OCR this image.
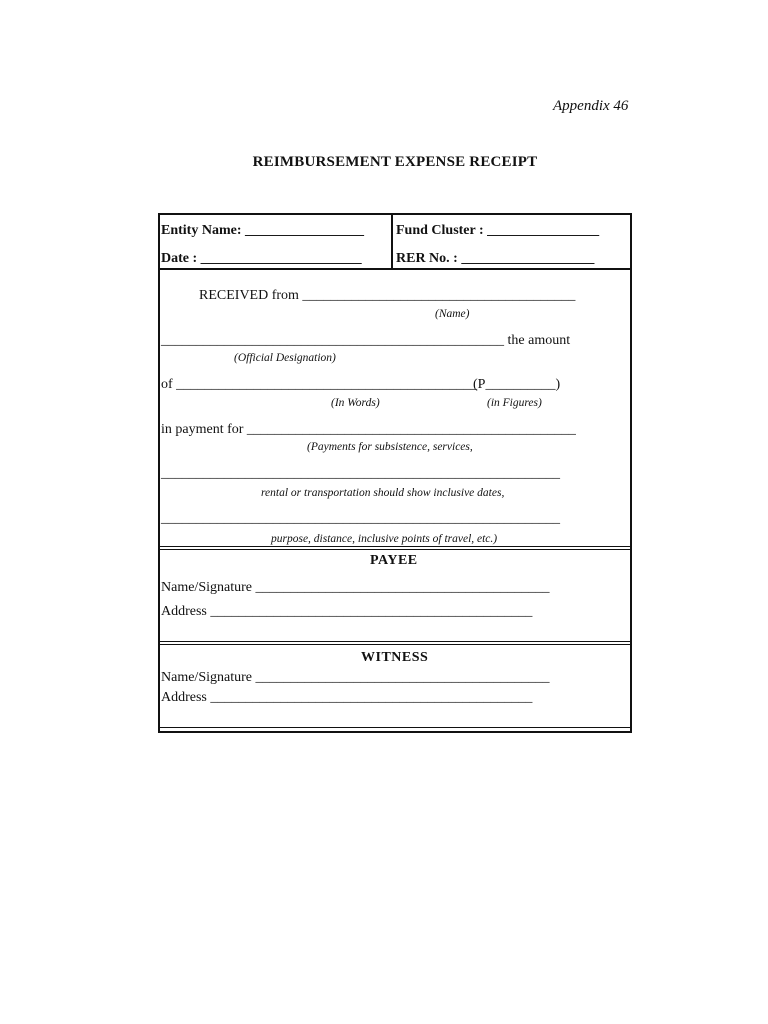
Appendix 46
REIMBURSEMENT EXPENSE RECEIPT
Entity Name: _________________ Fund Cluster : ________________
Date : _______________________ RER No. : ___________________
RECEIVED from _______________________________________
(Name)
_________________________________________________ the amount
(Official Designation)
of ___________________________________________
(P__________)
(In Words)	(in Figures)
in payment for _______________________________________________
(Payments for subsistence, services,
_________________________________________________________
rental or transportation should show inclusive dates,
_________________________________________________________
purpose, distance, inclusive points of travel, etc.)
PAYEE
Name/Signature __________________________________________
Address ______________________________________________
WITNESS
Name/Signature __________________________________________
Address ______________________________________________
